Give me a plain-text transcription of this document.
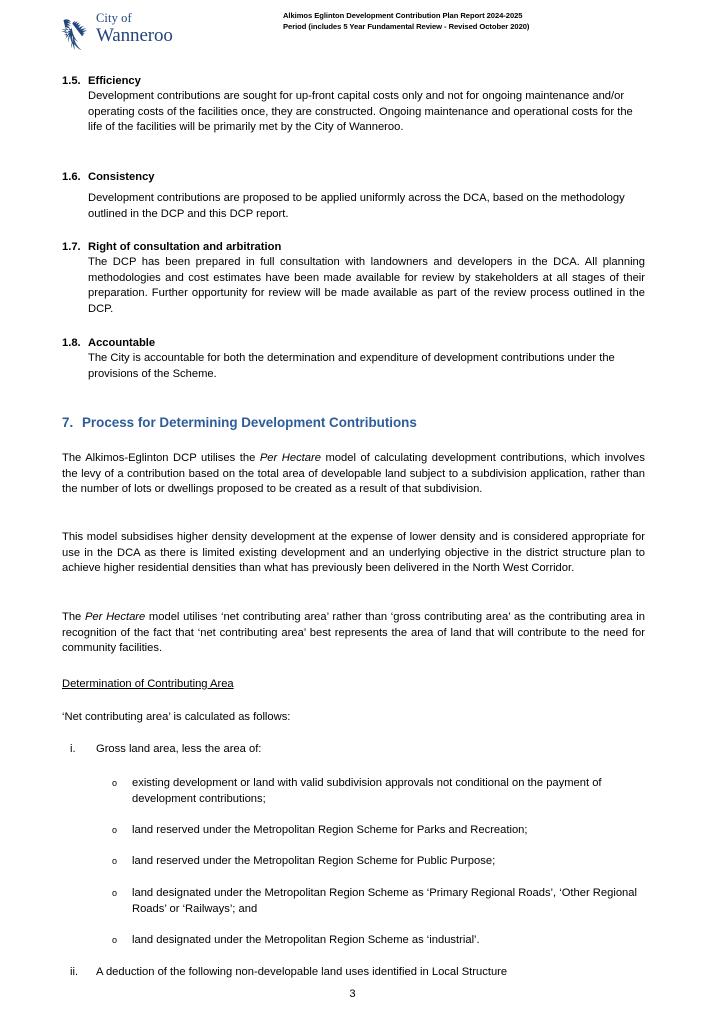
City of
Wanneroo
Alkimos Eglinton Development Contribution Plan Report 2024-2025
Period (includes 5 Year Fundamental Review - Revised October 2020)

1.5. Efficiency

Development contributions are sought for up-front capital costs only and not for ongoing maintenance and/or operating costs of the facilities once, they are constructed. Ongoing maintenance and operational costs for the life of the facilities will be primarily met by the City of Wanneroo.

1.6. Consistency

Development contributions are proposed to be applied uniformly across the DCA, based on the methodology outlined in the DCP and this DCP report.

1.7. Right of consultation and arbitration

The DCP has been prepared in full consultation with landowners and developers in the DCA. All planning methodologies and cost estimates have been made available for review by stakeholders at all stages of their preparation. Further opportunity for review will be made available as part of the review process outlined in the DCP.

1.8. Accountable

The City is accountable for both the determination and expenditure of development contributions under the provisions of the Scheme.

7. Process for Determining Development Contributions

The Alkimos-Eglinton DCP utilises the Per Hectare model of calculating development contributions, which involves the levy of a contribution based on the total area of developable land subject to a subdivision application, rather than the number of lots or dwellings proposed to be created as a result of that subdivision.

This model subsidises higher density development at the expense of lower density and is considered appropriate for use in the DCA as there is limited existing development and an underlying objective in the district structure plan to achieve higher residential densities than what has previously been delivered in the North West Corridor.

The Per Hectare model utilises ‘net contributing area’ rather than ‘gross contributing area’ as the contributing area in recognition of the fact that ‘net contributing area’ best represents the area of land that will contribute to the need for community facilities.

Determination of Contributing Area

‘Net contributing area’ is calculated as follows:

i. Gross land area, less the area of:
o existing development or land with valid subdivision approvals not conditional on the payment of development contributions;
o land reserved under the Metropolitan Region Scheme for Parks and Recreation;
o land reserved under the Metropolitan Region Scheme for Public Purpose;
o land designated under the Metropolitan Region Scheme as ‘Primary Regional Roads’, ‘Other Regional Roads’ or ‘Railways’; and
o land designated under the Metropolitan Region Scheme as ‘industrial’.
ii. A deduction of the following non-developable land uses identified in Local Structure
3
